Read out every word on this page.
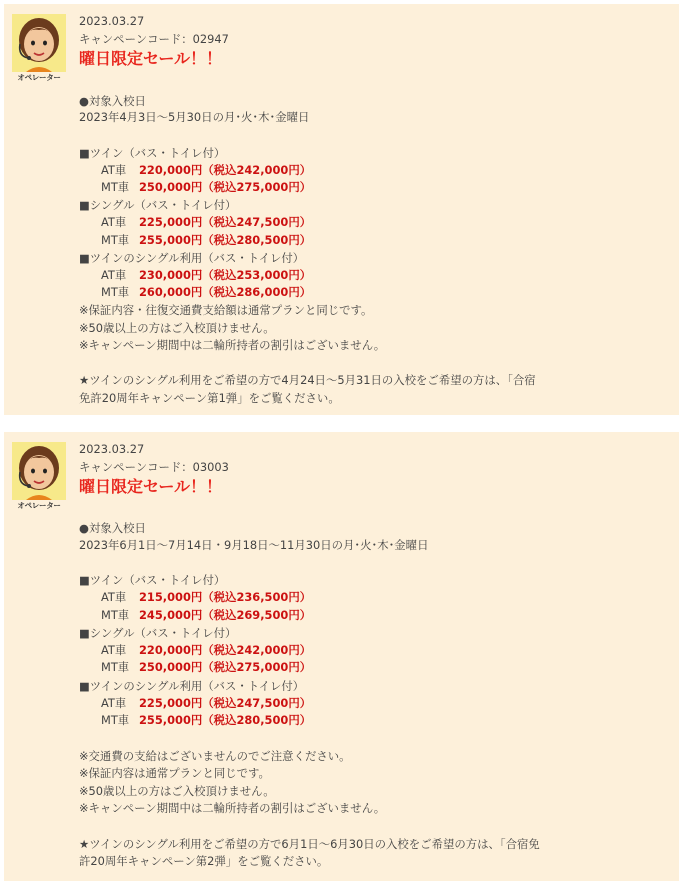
オペレーター
2023.03.27
キャンペーンコード：02947
曜日限定セール！！
●対象入校日
2023年4月3日～5月30日の月･火･木･金曜日
■ツイン（バス・トイレ付）
AT車 220,000円（税込242,000円）
MT車 250,000円（税込275,000円）
■シングル（バス・トイレ付）
AT車 225,000円（税込247,500円）
MT車 255,000円（税込280,500円）
■ツインのシングル利用（バス・トイレ付）
AT車 230,000円（税込253,000円）
MT車 260,000円（税込286,000円）
※保証内容・往復交通費支給額は通常プランと同じです。
※50歳以上の方はご入校頂けません。
※キャンペーン期間中は二輪所持者の割引はございません。
★ツインのシングル利用をご希望の方で4月24日～5月31日の入校をご希望の方は、「合宿
免許20周年キャンペーン第1弾」をご覧ください。
オペレーター
2023.03.27
キャンペーンコード：03003
曜日限定セール！！
●対象入校日
2023年6月1日～7月14日・9月18日～11月30日の月･火･木･金曜日
■ツイン（バス・トイレ付）
AT車 215,000円（税込236,500円）
MT車 245,000円（税込269,500円）
■シングル（バス・トイレ付）
AT車 220,000円（税込242,000円）
MT車 250,000円（税込275,000円）
■ツインのシングル利用（バス・トイレ付）
AT車 225,000円（税込247,500円）
MT車 255,000円（税込280,500円）
※交通費の支給はございませんのでご注意ください。
※保証内容は通常プランと同じです。
※50歳以上の方はご入校頂けません。
※キャンペーン期間中は二輪所持者の割引はございません。
★ツインのシングル利用をご希望の方で6月1日～6月30日の入校をご希望の方は、「合宿免
許20周年キャンペーン第2弾」をご覧ください。
